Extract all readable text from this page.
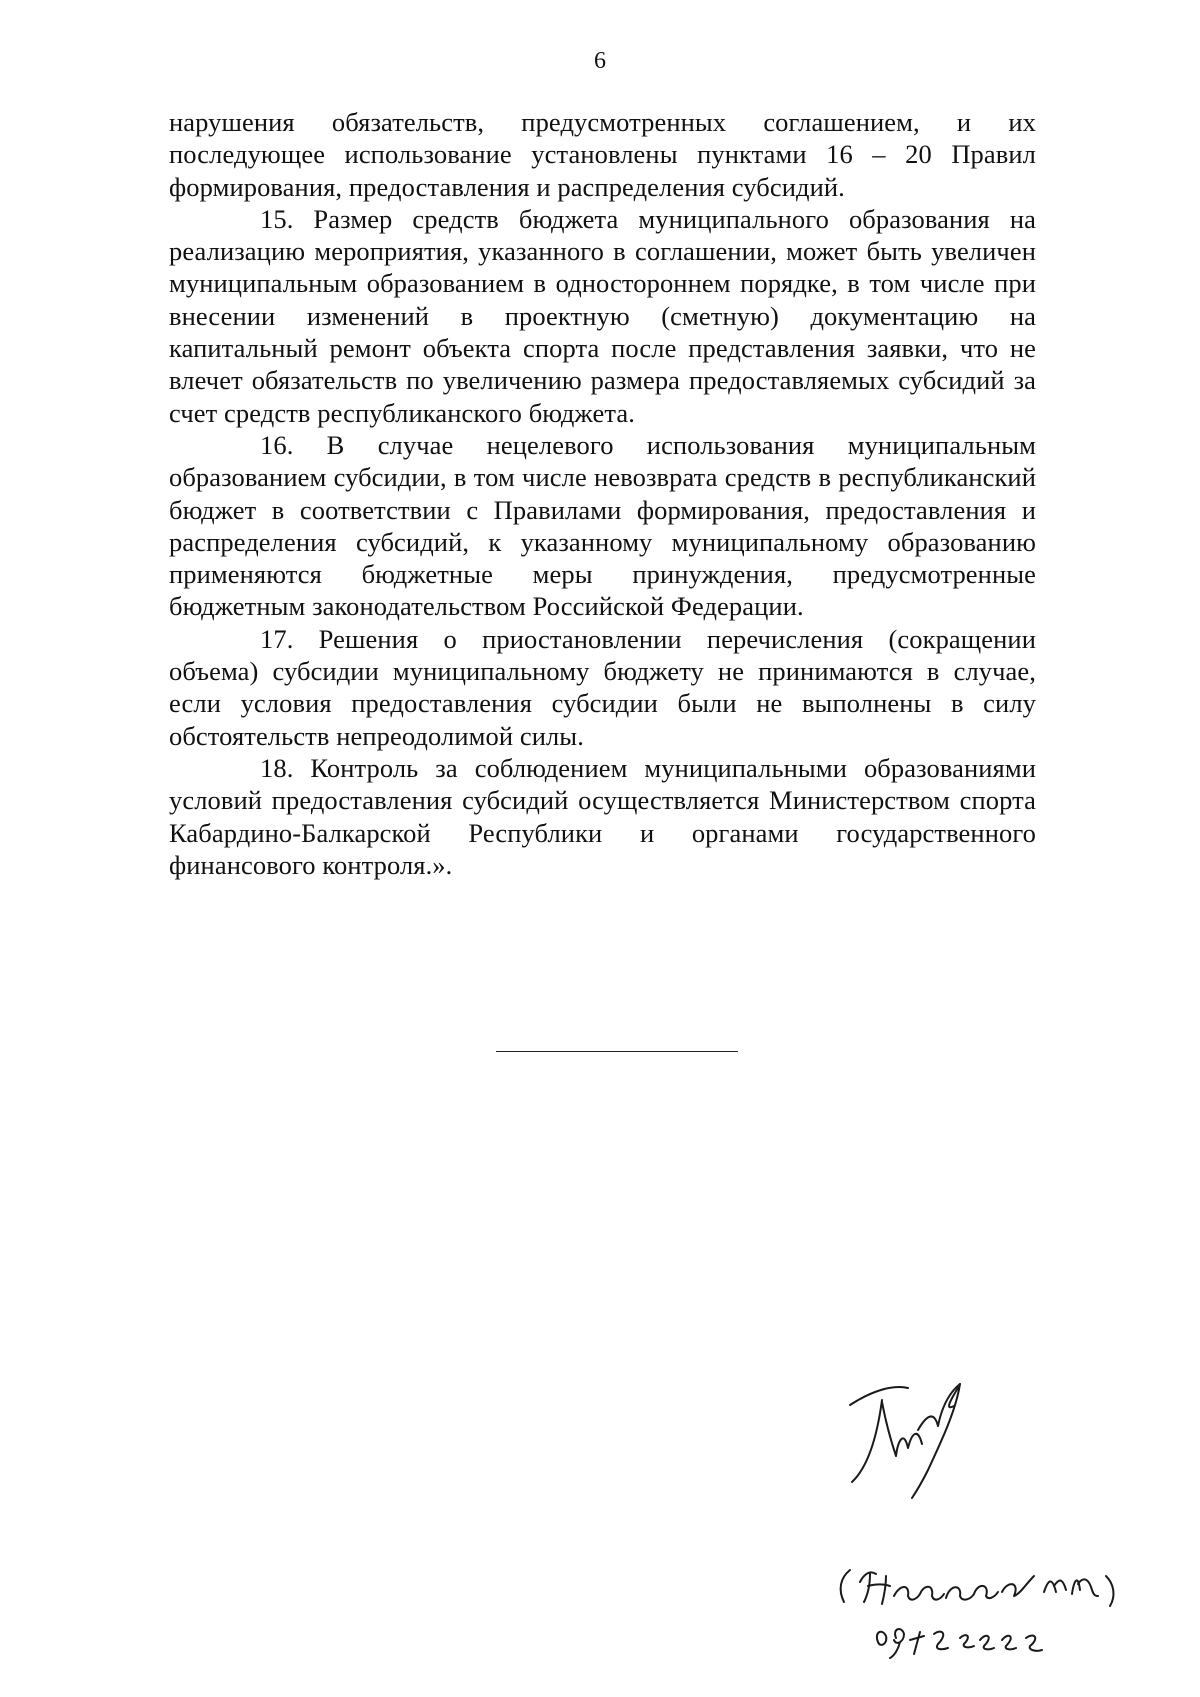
6

нарушения обязательств, предусмотренных соглашением, и их последующее использование установлены пунктами 16 – 20 Правил формирования, предоставления и распределения субсидий.

15. Размер средств бюджета муниципального образования на реализацию мероприятия, указанного в соглашении, может быть увеличен муниципальным образованием в одностороннем порядке, в том числе при внесении изменений в проектную (сметную) документацию на капитальный ремонт объекта спорта после представления заявки, что не влечет обязательств по увеличению размера предоставляемых субсидий за счет средств республиканского бюджета.

16. В случае нецелевого использования муниципальным образованием субсидии, в том числе невозврата средств в республиканский бюджет в соответствии с Правилами формирования, предоставления и распределения субсидий, к указанному муниципальному образованию применяются бюджетные меры принуждения, предусмотренные бюджетным законодательством Российской Федерации.

17. Решения о приостановлении перечисления (сокращении объема) субсидии муниципальному бюджету не принимаются в случае, если условия предоставления субсидии были не выполнены в силу обстоятельств непреодолимой силы.

18. Контроль за соблюдением муниципальными образованиями условий предоставления субсидий осуществляется Министерством спорта Кабардино-Балкарской Республики и органами государственного финансового контроля.».
